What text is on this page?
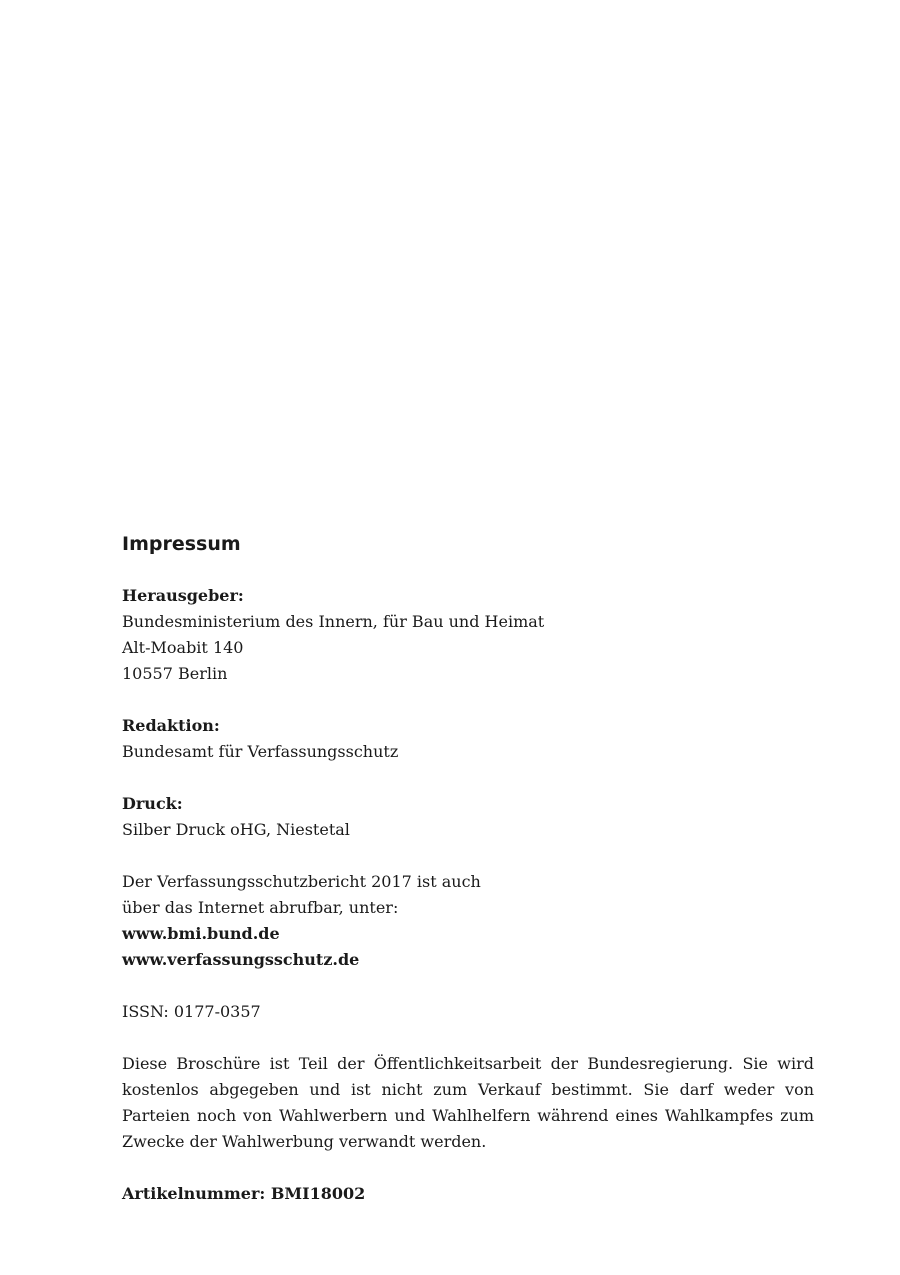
Impressum
Herausgeber:
Bundesministerium des Innern, für Bau und Heimat
Alt-Moabit 140
10557 Berlin
Redaktion:
Bundesamt für Verfassungsschutz
Druck:
Silber Druck oHG, Niestetal
Der Verfassungsschutzbericht 2017 ist auch
über das Internet abrufbar, unter:
www.bmi.bund.de
www.verfassungsschutz.de
ISSN: 0177-0357
Diese Broschüre ist Teil der Öffentlichkeitsarbeit der Bundesregierung. Sie wird kostenlos abgegeben und ist nicht zum Verkauf bestimmt. Sie darf weder von Parteien noch von Wahlwerbern und Wahlhelfern während eines Wahlkampfes zum Zwecke der Wahlwerbung verwandt werden.
Artikelnummer: BMI18002
